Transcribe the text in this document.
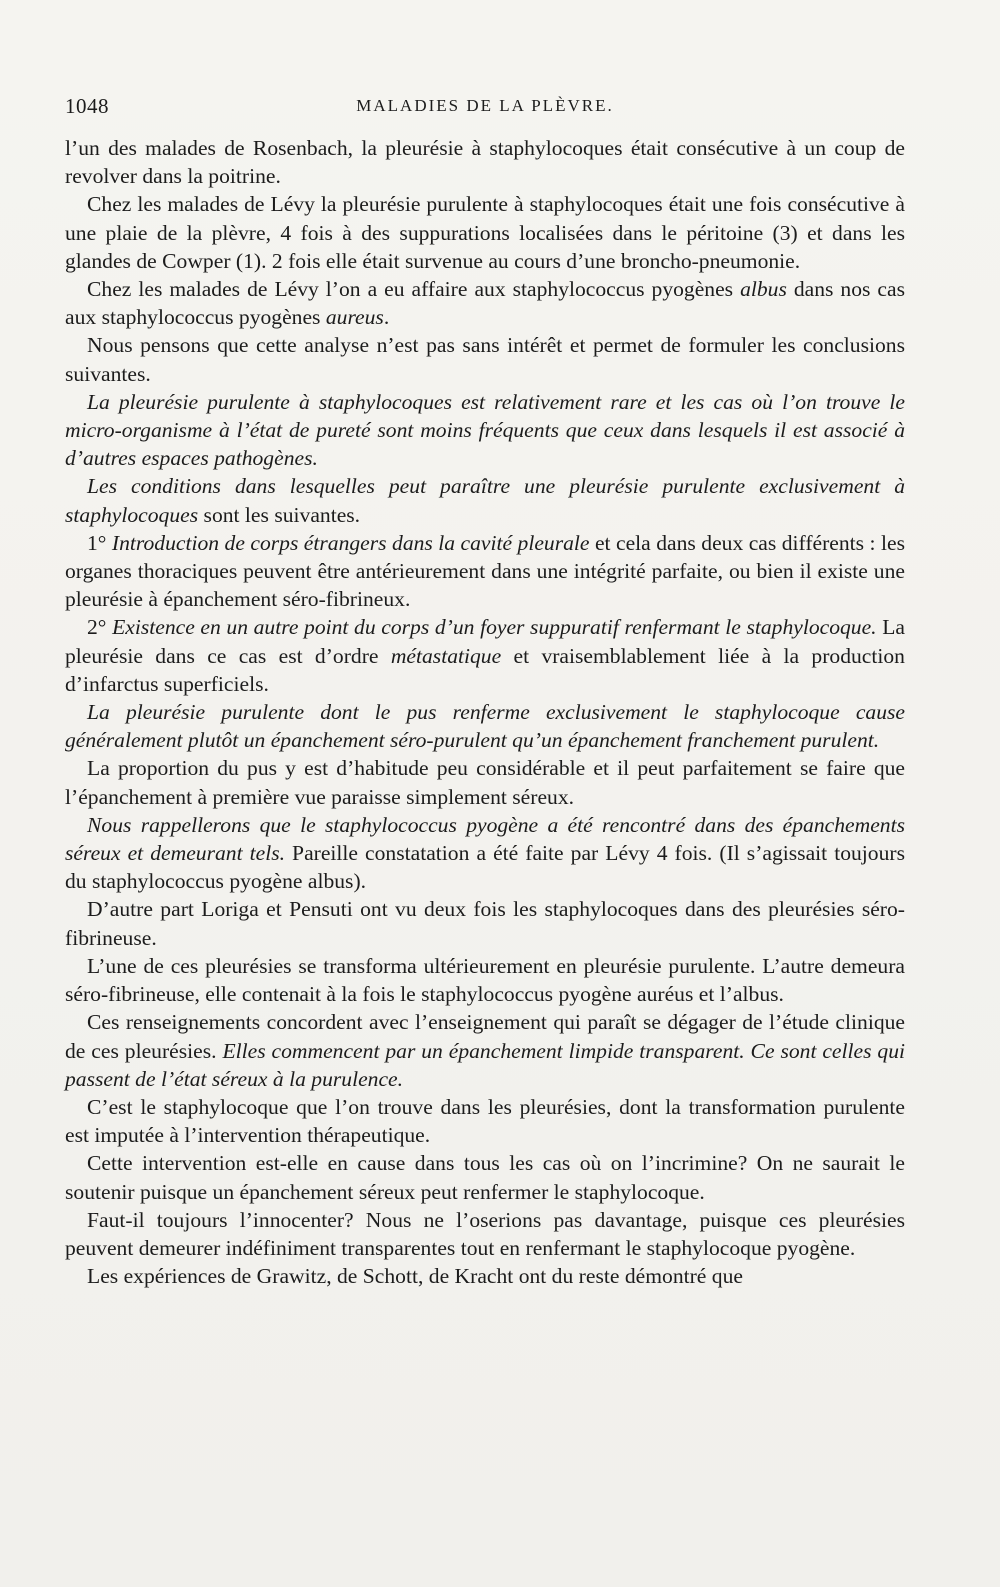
1048	MALADIES DE LA PLÈVRE.

l’un des malades de Rosenbach, la pleurésie à staphylocoques était consécutive à un coup de revolver dans la poitrine.

Chez les malades de Lévy la pleurésie purulente à staphylocoques était une fois consécutive à une plaie de la plèvre, 4 fois à des suppurations localisées dans le péritoine (3) et dans les glandes de Cowper (1). 2 fois elle était survenue au cours d’une broncho-pneumonie.

Chez les malades de Lévy l’on a eu affaire aux staphylococcus pyogènes albus dans nos cas aux staphylococcus pyogènes aureus.

Nous pensons que cette analyse n’est pas sans intérêt et permet de formuler les conclusions suivantes.

La pleurésie purulente à staphylocoques est relativement rare et les cas où l’on trouve le micro-organisme à l’état de pureté sont moins fréquents que ceux dans lesquels il est associé à d’autres espaces pathogènes.

Les conditions dans lesquelles peut paraître une pleurésie purulente exclusivement à staphylocoques sont les suivantes.

1° Introduction de corps étrangers dans la cavité pleurale et cela dans deux cas différents : les organes thoraciques peuvent être antérieurement dans une intégrité parfaite, ou bien il existe une pleurésie à épanchement séro-fibrineux.

2° Existence en un autre point du corps d’un foyer suppuratif renfermant le staphylocoque. La pleurésie dans ce cas est d’ordre métastatique et vraisemblablement liée à la production d’infarctus superficiels.

La pleurésie purulente dont le pus renferme exclusivement le staphylocoque cause généralement plutôt un épanchement séro-purulent qu’un épanchement franchement purulent.

La proportion du pus y est d’habitude peu considérable et il peut parfaitement se faire que l’épanchement à première vue paraisse simplement séreux.

Nous rappellerons que le staphylococcus pyogène a été rencontré dans des épanchements séreux et demeurant tels. Pareille constatation a été faite par Lévy 4 fois. (Il s’agissait toujours du staphylococcus pyogène albus).

D’autre part Loriga et Pensuti ont vu deux fois les staphylocoques dans des pleurésies séro-fibrineuse.

L’une de ces pleurésies se transforma ultérieurement en pleurésie purulente. L’autre demeura séro-fibrineuse, elle contenait à la fois le staphylococcus pyogène auréus et l’albus.

Ces renseignements concordent avec l’enseignement qui paraît se dégager de l’étude clinique de ces pleurésies. Elles commencent par un épanchement limpide transparent. Ce sont celles qui passent de l’état séreux à la purulence.

C’est le staphylocoque que l’on trouve dans les pleurésies, dont la transformation purulente est imputée à l’intervention thérapeutique.

Cette intervention est-elle en cause dans tous les cas où on l’incrimine? On ne saurait le soutenir puisque un épanchement séreux peut renfermer le staphylocoque.

Faut-il toujours l’innocenter? Nous ne l’oserions pas davantage, puisque ces pleurésies peuvent demeurer indéfiniment transparentes tout en renfermant le staphylocoque pyogène.

Les expériences de Grawitz, de Schott, de Kracht ont du reste démontré que
